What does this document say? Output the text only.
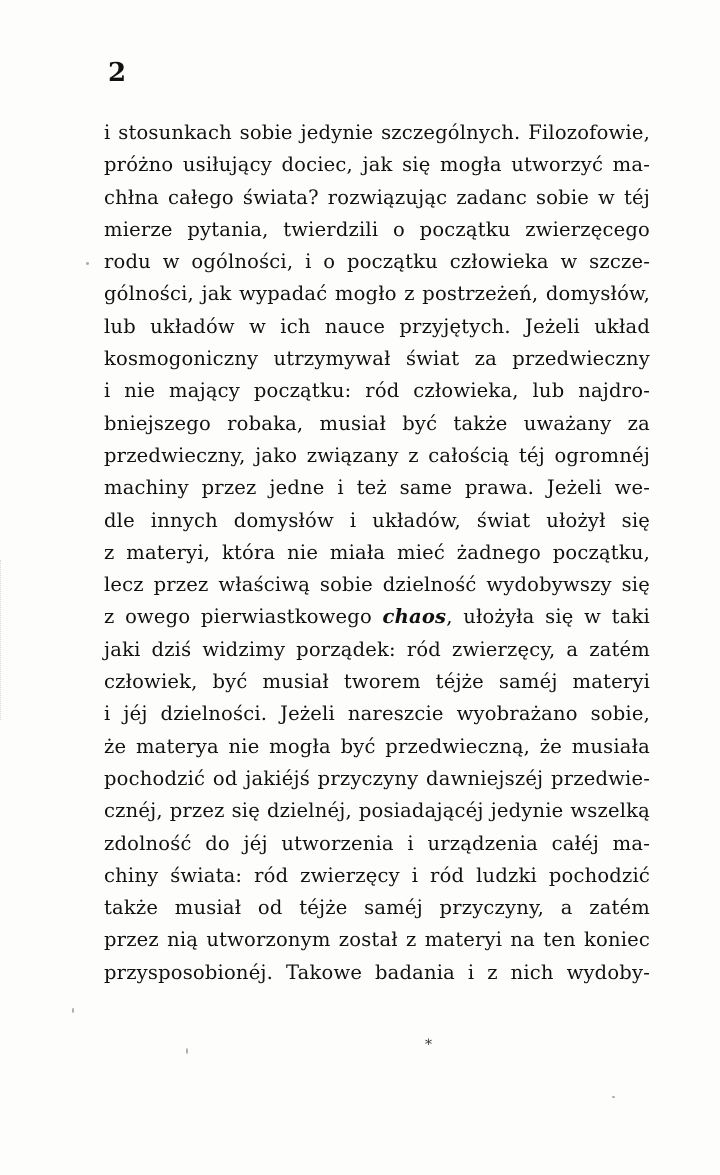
2
i stosunkach sobie jedynie szczególnych. Filozofowie,
próżno usiłujący dociec, jak się mogła utworzyć ma-
chłna całego świata? rozwiązując zadanc sobie w téj
mierze pytania, twierdzili o początku zwierzęcego
rodu w ogólności, i o początku człowieka w szcze-
gólności, jak wypadać mogło z postrzeżeń, domysłów,
lub układów w ich nauce przyjętych. Jeżeli układ
kosmogoniczny utrzymywał świat za przedwieczny
i nie mający początku: ród człowieka, lub najdro-
bniejszego robaka, musiał być także uważany za
przedwieczny, jako związany z całością téj ogromnéj
machiny przez jedne i też same prawa. Jeżeli we-
dle innych domysłów i układów, świat ułożył się
z materyi, która nie miała mieć żadnego początku,
lecz przez właściwą sobie dzielność wydobywszy się
z owego pierwiastkowego chaos, ułożyła się w taki
jaki dziś widzimy porządek: ród zwierzęcy, a zatém
człowiek, być musiał tworem téjże saméj materyi
i jéj dzielności. Jeżeli nareszcie wyobrażano sobie,
że materya nie mogła być przedwieczną, że musiała
pochodzić od jakiéjś przyczyny dawniejszéj przedwie-
cznéj, przez się dzielnéj, posiadającéj jedynie wszelką
zdolność do jéj utworzenia i urządzenia całéj ma-
chiny świata: ród zwierzęcy i ród ludzki pochodzić
także musiał od téjże saméj przyczyny, a zatém
przez nią utworzonym został z materyi na ten koniec
przysposobionéj. Takowe badania i z nich wydoby-
*
